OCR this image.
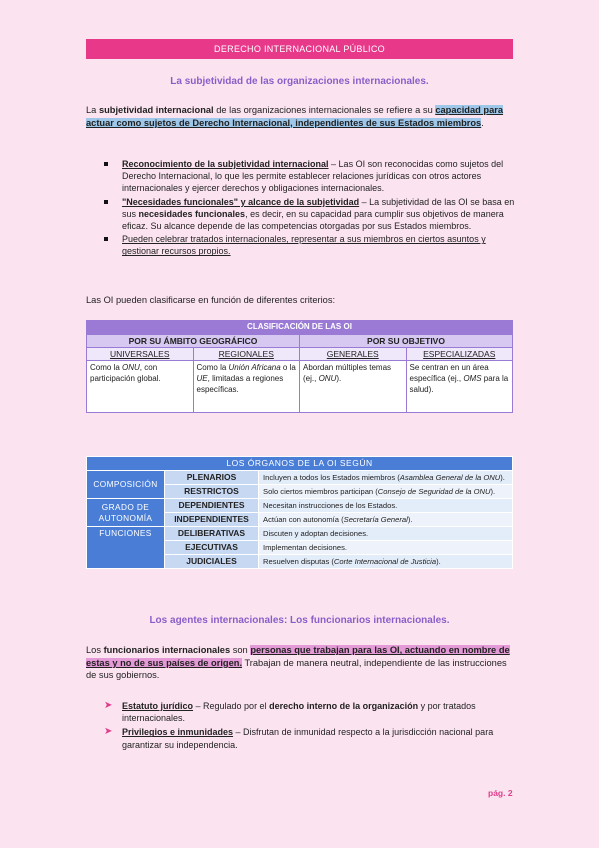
DERECHO INTERNACIONAL PÚBLICO
La subjetividad de las organizaciones internacionales.
La subjetividad internacional de las organizaciones internacionales se refiere a su capacidad para actuar como sujetos de Derecho Internacional, independientes de sus Estados miembros.
Reconocimiento de la subjetividad internacional – Las OI son reconocidas como sujetos del Derecho Internacional, lo que les permite establecer relaciones jurídicas con otros actores internacionales y ejercer derechos y obligaciones internacionales.
"Necesidades funcionales" y alcance de la subjetividad – La subjetividad de las OI se basa en sus necesidades funcionales, es decir, en su capacidad para cumplir sus objetivos de manera eficaz. Su alcance depende de las competencias otorgadas por sus Estados miembros.
Pueden celebrar tratados internacionales, representar a sus miembros en ciertos asuntos y gestionar recursos propios.
Las OI pueden clasificarse en función de diferentes criterios:
CLASIFICACIÓN DE LAS OI			
POR SU ÁMBITO GEOGRÁFICO		POR SU OBJETIVO	
UNIVERSALES	REGIONALES	GENERALES	ESPECIALIZADAS
Como la ONU, con participación global.	Como la Unión Africana o la UE, limitadas a regiones específicas.	Abordan múltiples temas (ej., ONU).	Se centran en un área específica (ej., OMS para la salud).
LOS ÓRGANOS DE LA OI SEGÚN		
COMPOSICIÓN	PLENARIOS	Incluyen a todos los Estados miembros (Asamblea General de la ONU).
	RESTRICTOS	Solo ciertos miembros participan (Consejo de Seguridad de la ONU).
GRADO DE AUTONOMÍA	DEPENDIENTES	Necesitan instrucciones de los Estados.
	INDEPENDIENTES	Actúan con autonomía (Secretaría General).
FUNCIONES	DELIBERATIVAS	Discuten y adoptan decisiones.
	EJECUTIVAS	Implementan decisiones.
	JUDICIALES	Resuelven disputas (Corte Internacional de Justicia).
Los agentes internacionales: Los funcionarios internacionales.
Los funcionarios internacionales son personas que trabajan para las OI, actuando en nombre de estas y no de sus países de origen. Trabajan de manera neutral, independiente de las instrucciones de sus gobiernos.
➤ Estatuto jurídico – Regulado por el derecho interno de la organización y por tratados internacionales.
➤ Privilegios e inmunidades – Disfrutan de inmunidad respecto a la jurisdicción nacional para garantizar su independencia.
pág. 2
